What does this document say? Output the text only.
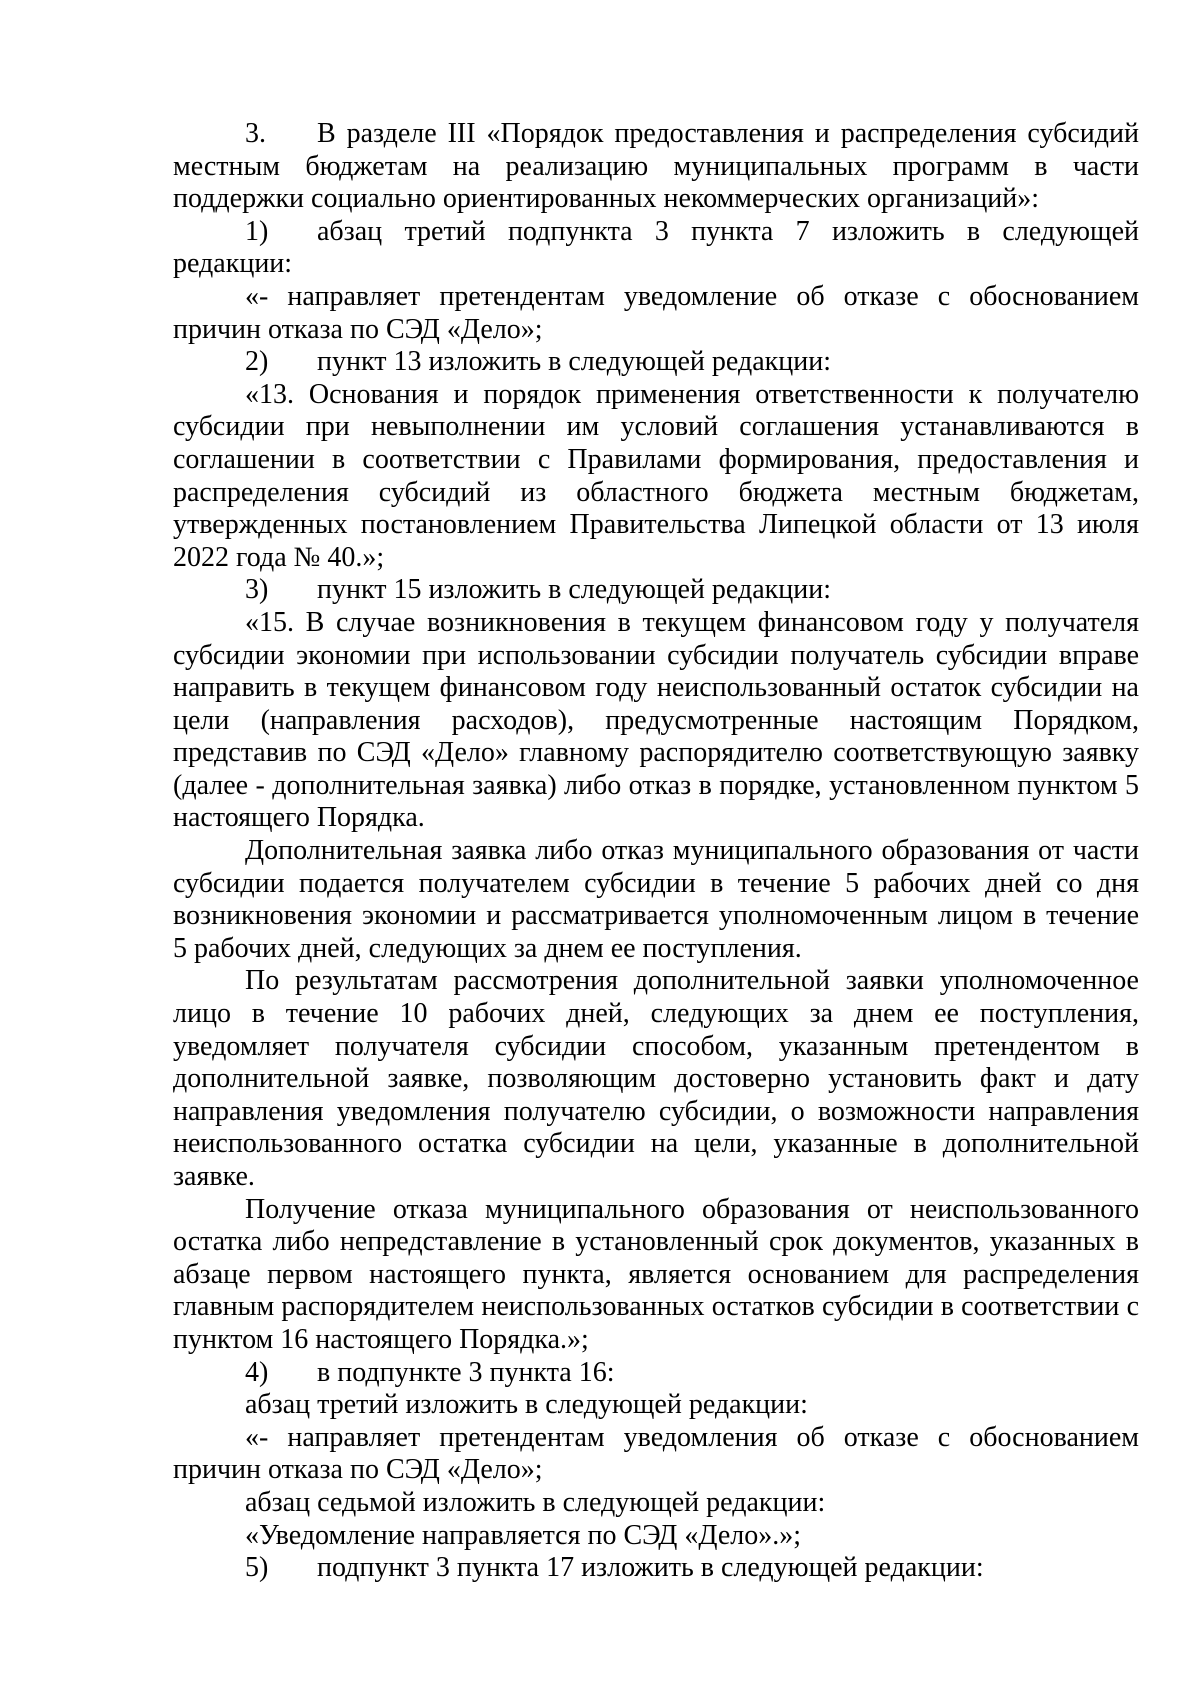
3. В разделе III «Порядок предоставления и распределения субсидий местным бюджетам на реализацию муниципальных программ в части поддержки социально ориентированных некоммерческих организаций»:

1) абзац третий подпункта 3 пункта 7 изложить в следующей редакции:

«- направляет претендентам уведомление об отказе с обоснованием причин отказа по СЭД «Дело»;

2) пункт 13 изложить в следующей редакции:

«13. Основания и порядок применения ответственности к получателю субсидии при невыполнении им условий соглашения устанавливаются в соглашении в соответствии с Правилами формирования, предоставления и распределения субсидий из областного бюджета местным бюджетам, утвержденных постановлением Правительства Липецкой области от 13 июля 2022 года № 40.»;

3) пункт 15 изложить в следующей редакции:

«15. В случае возникновения в текущем финансовом году у получателя субсидии экономии при использовании субсидии получатель субсидии вправе направить в текущем финансовом году неиспользованный остаток субсидии на цели (направления расходов), предусмотренные настоящим Порядком, представив по СЭД «Дело» главному распорядителю соответствующую заявку (далее - дополнительная заявка) либо отказ в порядке, установленном пунктом 5 настоящего Порядка.

Дополнительная заявка либо отказ муниципального образования от части субсидии подается получателем субсидии в течение 5 рабочих дней со дня возникновения экономии и рассматривается уполномоченным лицом в течение 5 рабочих дней, следующих за днем ее поступления.

По результатам рассмотрения дополнительной заявки уполномоченное лицо в течение 10 рабочих дней, следующих за днем ее поступления, уведомляет получателя субсидии способом, указанным претендентом в дополнительной заявке, позволяющим достоверно установить факт и дату направления уведомления получателю субсидии, о возможности направления неиспользованного остатка субсидии на цели, указанные в дополнительной заявке.

Получение отказа муниципального образования от неиспользованного остатка либо непредставление в установленный срок документов, указанных в абзаце первом настоящего пункта, является основанием для распределения главным распорядителем неиспользованных остатков субсидии в соответствии с пунктом 16 настоящего Порядка.»;

4) в подпункте 3 пункта 16:

абзац третий изложить в следующей редакции:

«- направляет претендентам уведомления об отказе с обоснованием причин отказа по СЭД «Дело»;

абзац седьмой изложить в следующей редакции:

«Уведомление направляется по СЭД «Дело».»;

5) подпункт 3 пункта 17 изложить в следующей редакции:
